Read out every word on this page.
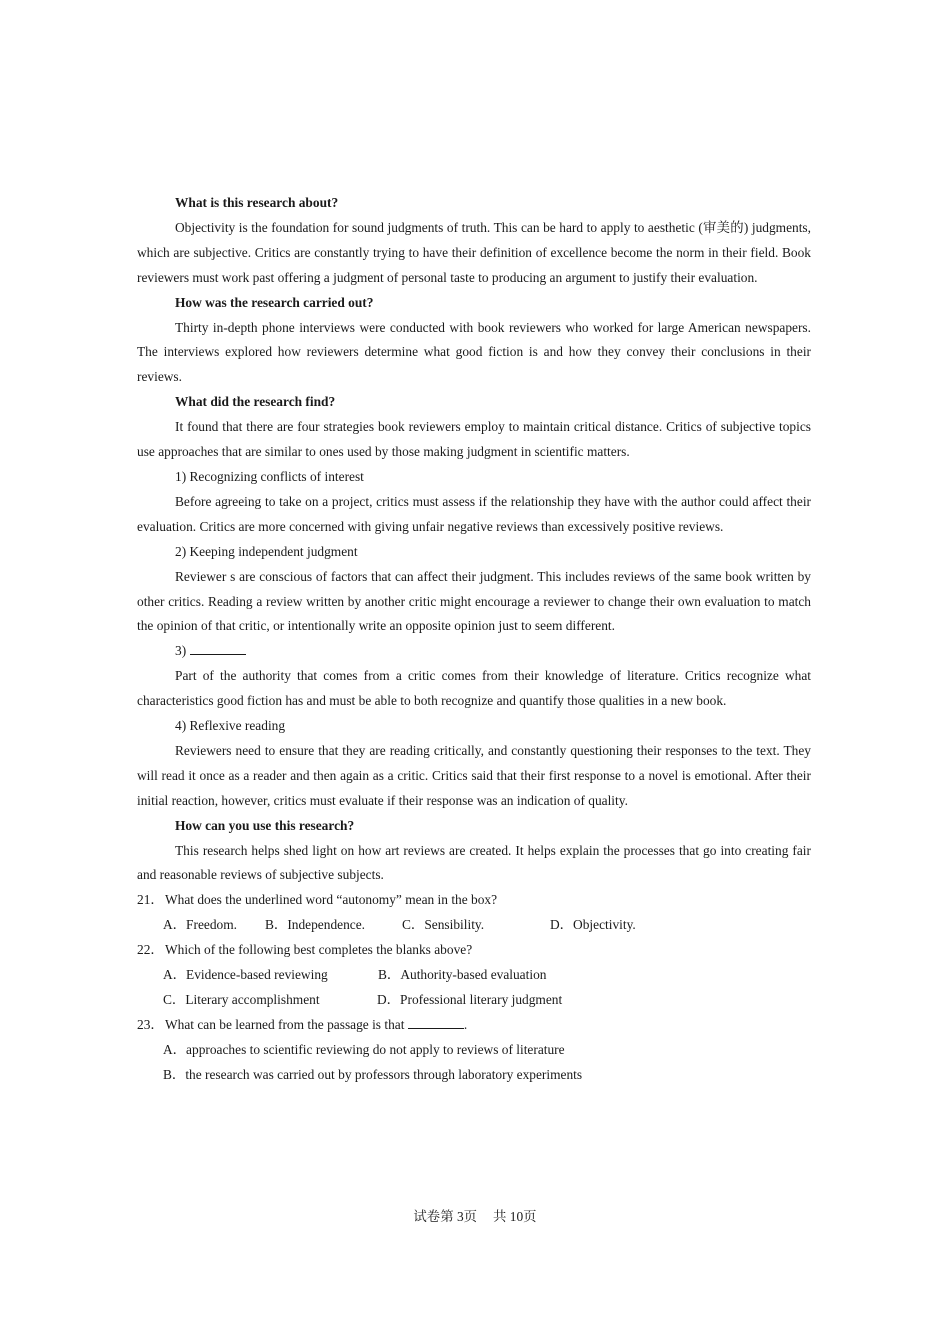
What is this research about?

Objectivity is the foundation for sound judgments of truth. This can be hard to apply to aesthetic (审美的) judgments, which are subjective. Critics are constantly trying to have their definition of excellence become the norm in their field. Book reviewers must work past offering a judgment of personal taste to producing an argument to justify their evaluation.

How was the research carried out?

Thirty in-depth phone interviews were conducted with book reviewers who worked for large American newspapers. The interviews explored how reviewers determine what good fiction is and how they convey their conclusions in their reviews.

What did the research find?

It found that there are four strategies book reviewers employ to maintain critical distance. Critics of subjective topics use approaches that are similar to ones used by those making judgment in scientific matters.

1) Recognizing conflicts of interest

Before agreeing to take on a project, critics must assess if the relationship they have with the author could affect their evaluation. Critics are more concerned with giving unfair negative reviews than excessively positive reviews.

2) Keeping independent judgment

Reviewer s are conscious of factors that can affect their judgment. This includes reviews of the same book written by other critics. Reading a review written by another critic might encourage a reviewer to change their own evaluation to match the opinion of that critic, or intentionally write an opposite opinion just to seem different.

3)

Part of the authority that comes from a critic comes from their knowledge of literature. Critics recognize what characteristics good fiction has and must be able to both recognize and quantify those qualities in a new book.

4) Reflexive reading

Reviewers need to ensure that they are reading critically, and constantly questioning their responses to the text. They will read it once as a reader and then again as a critic. Critics said that their first response to a novel is emotional. After their initial reaction, however, critics must evaluate if their response was an indication of quality.

How can you use this research?

This research helps shed light on how art reviews are created. It helps explain the processes that go into creating fair and reasonable reviews of subjective subjects.

21．What does the underlined word “autonomy” mean in the box?

A．Freedom. B．Independence.	C．Sensibility.	D．Objectivity.

22．Which of the following best completes the blanks above?

A．Evidence-based reviewing	B．Authority-based evaluation
C．Literary accomplishment	D．Professional literary judgment

23．What can be learned from the passage is that	.

A．approaches to scientific reviewing do not apply to reviews of literature
B．the research was carried out by professors through laboratory experiments
试卷第 3页 共 10页
